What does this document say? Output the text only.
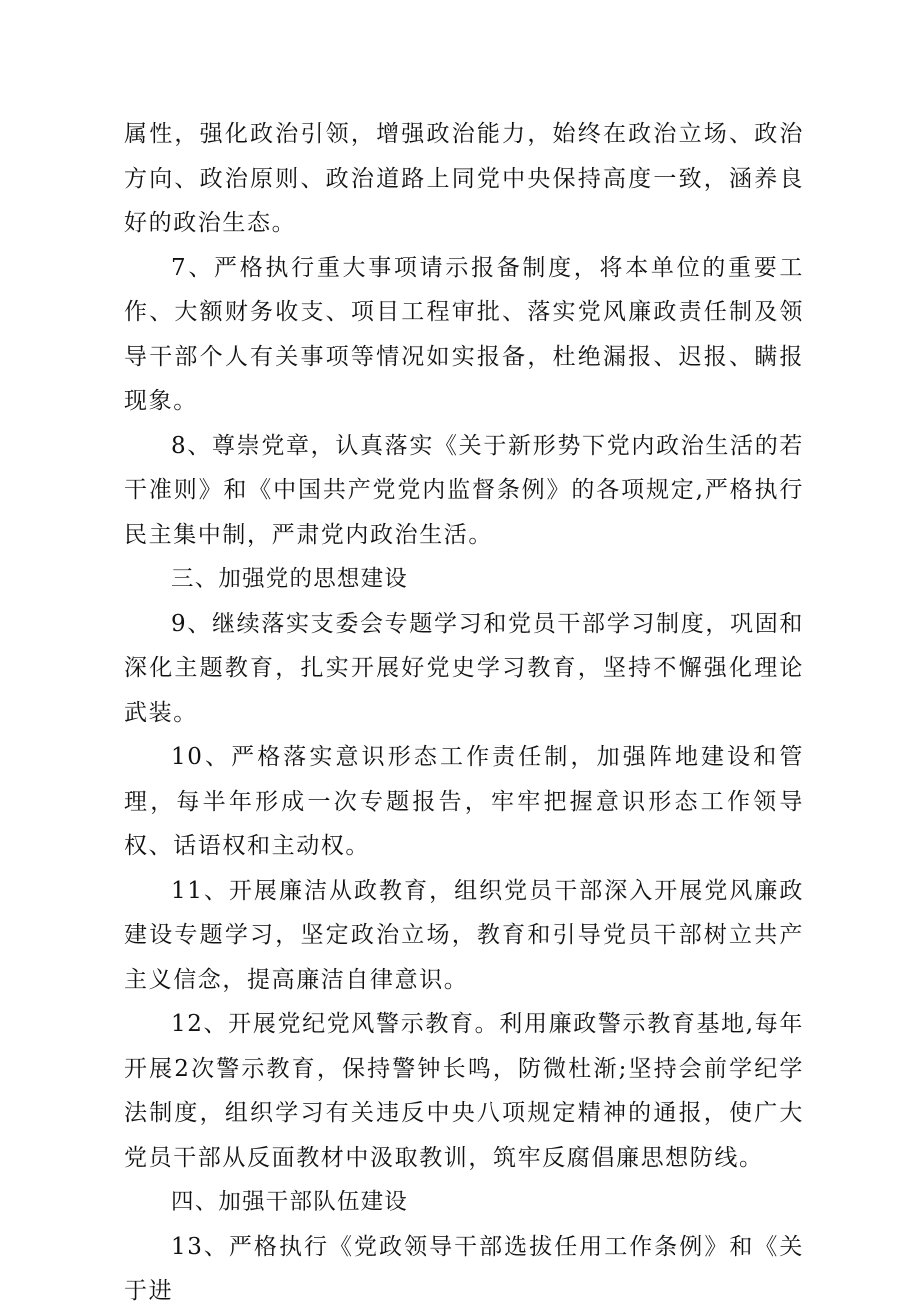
属性，强化政治引领，增强政治能力，始终在政治立场、政治方向、政治原则、政治道路上同党中央保持高度一致，涵养良好的政治生态。

7、严格执行重大事项请示报备制度，将本单位的重要工作、大额财务收支、项目工程审批、落实党风廉政责任制及领导干部个人有关事项等情况如实报备，杜绝漏报、迟报、瞒报现象。

8、尊崇党章，认真落实《关于新形势下党内政治生活的若干准则》和《中国共产党党内监督条例》的各项规定,严格执行民主集中制，严肃党内政治生活。

三、加强党的思想建设

9、继续落实支委会专题学习和党员干部学习制度，巩固和深化主题教育，扎实开展好党史学习教育，坚持不懈强化理论武装。

10、严格落实意识形态工作责任制，加强阵地建设和管理，每半年形成一次专题报告，牢牢把握意识形态工作领导权、话语权和主动权。

11、开展廉洁从政教育，组织党员干部深入开展党风廉政建设专题学习，坚定政治立场，教育和引导党员干部树立共产主义信念，提高廉洁自律意识。

12、开展党纪党风警示教育。利用廉政警示教育基地,每年开展2次警示教育，保持警钟长鸣，防微杜渐;坚持会前学纪学法制度，组织学习有关违反中央八项规定精神的通报，使广大党员干部从反面教材中汲取教训，筑牢反腐倡廉思想防线。

四、加强干部队伍建设

13、严格执行《党政领导干部选拔任用工作条例》和《关于进
